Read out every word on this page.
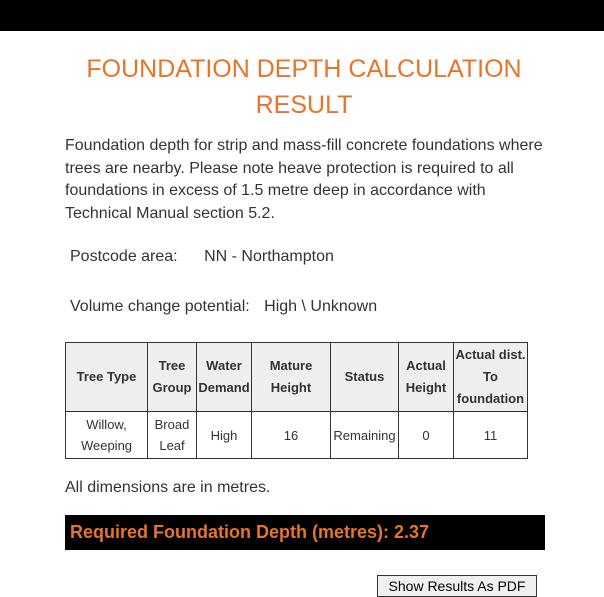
FOUNDATION DEPTH CALCULATION RESULT

Foundation depth for strip and mass-fill concrete foundations where trees are nearby. Please note heave protection is required to all foundations in excess of 1.5 metre deep in accordance with Technical Manual section 5.2.

Postcode area: NN - Northampton
Volume change potential: High \ Unknown
Tree Type	Tree Group	Water Demand	Mature Height	Status	Actual Height	Actual dist. To foundation
Willow, Weeping	Broad Leaf	High	16	Remaining	0	11
All dimensions are in metres.
Required Foundation Depth (metres): 2.37
Show Results As PDF
